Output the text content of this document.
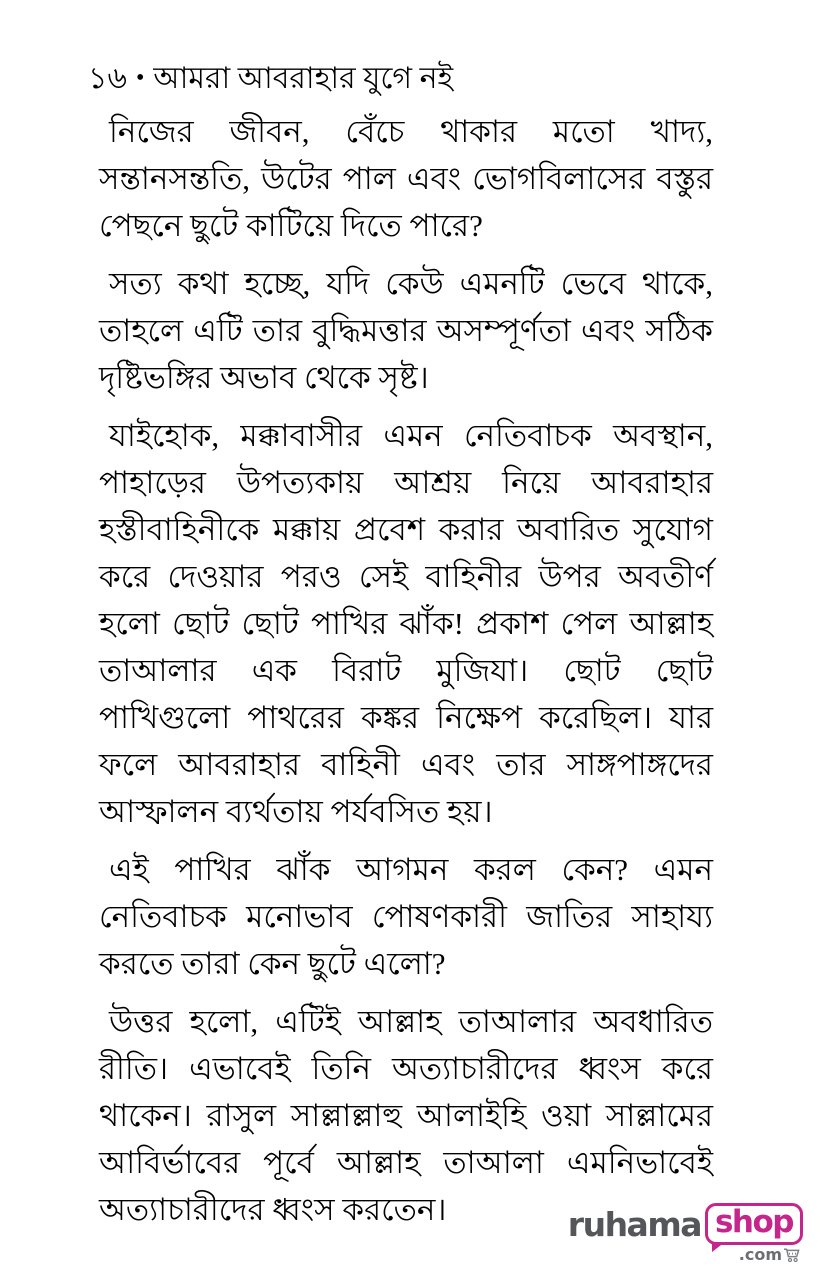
১৬ • আমরা আবরাহার যুগে নই

নিজের জীবন, বেঁচে থাকার মতো খাদ্য, সন্তানসন্ততি, উটের পাল এবং ভোগবিলাসের বস্তুর পেছনে ছুটে কাটিয়ে দিতে পারে?

সত্য কথা হচ্ছে, যদি কেউ এমনটি ভেবে থাকে, তাহলে এটি তার বুদ্ধিমত্তার অসম্পূর্ণতা এবং সঠিক দৃষ্টিভঙ্গির অভাব থেকে সৃষ্ট।

যাইহোক, মক্কাবাসীর এমন নেতিবাচক অবস্থান, পাহাড়ের উপত্যকায় আশ্রয় নিয়ে আবরাহার হস্তীবাহিনীকে মক্কায় প্রবেশ করার অবারিত সুযোগ করে দেওয়ার পরও সেই বাহিনীর উপর অবতীর্ণ হলো ছোট ছোট পাখির ঝাঁক! প্রকাশ পেল আল্লাহ তাআলার এক বিরাট মুজিযা। ছোট ছোট পাখিগুলো পাথরের কঙ্কর নিক্ষেপ করেছিল। যার ফলে আবরাহার বাহিনী এবং তার সাঙ্গপাঙ্গদের আস্ফালন ব্যর্থতায় পর্যবসিত হয়।

এই পাখির ঝাঁক আগমন করল কেন? এমন নেতিবাচক মনোভাব পোষণকারী জাতির সাহায্য করতে তারা কেন ছুটে এলো?

উত্তর হলো, এটিই আল্লাহ তাআলার অবধারিত রীতি। এভাবেই তিনি অত্যাচারীদের ধ্বংস করে থাকেন। রাসুল সাল্লাল্লাহু আলাইহি ওয়া সাল্লামের আবির্ভাবের পূর্বে আল্লাহ তাআলা এমনিভাবেই অত্যাচারীদের ধ্বংস করতেন।	ruhama shop
.com
